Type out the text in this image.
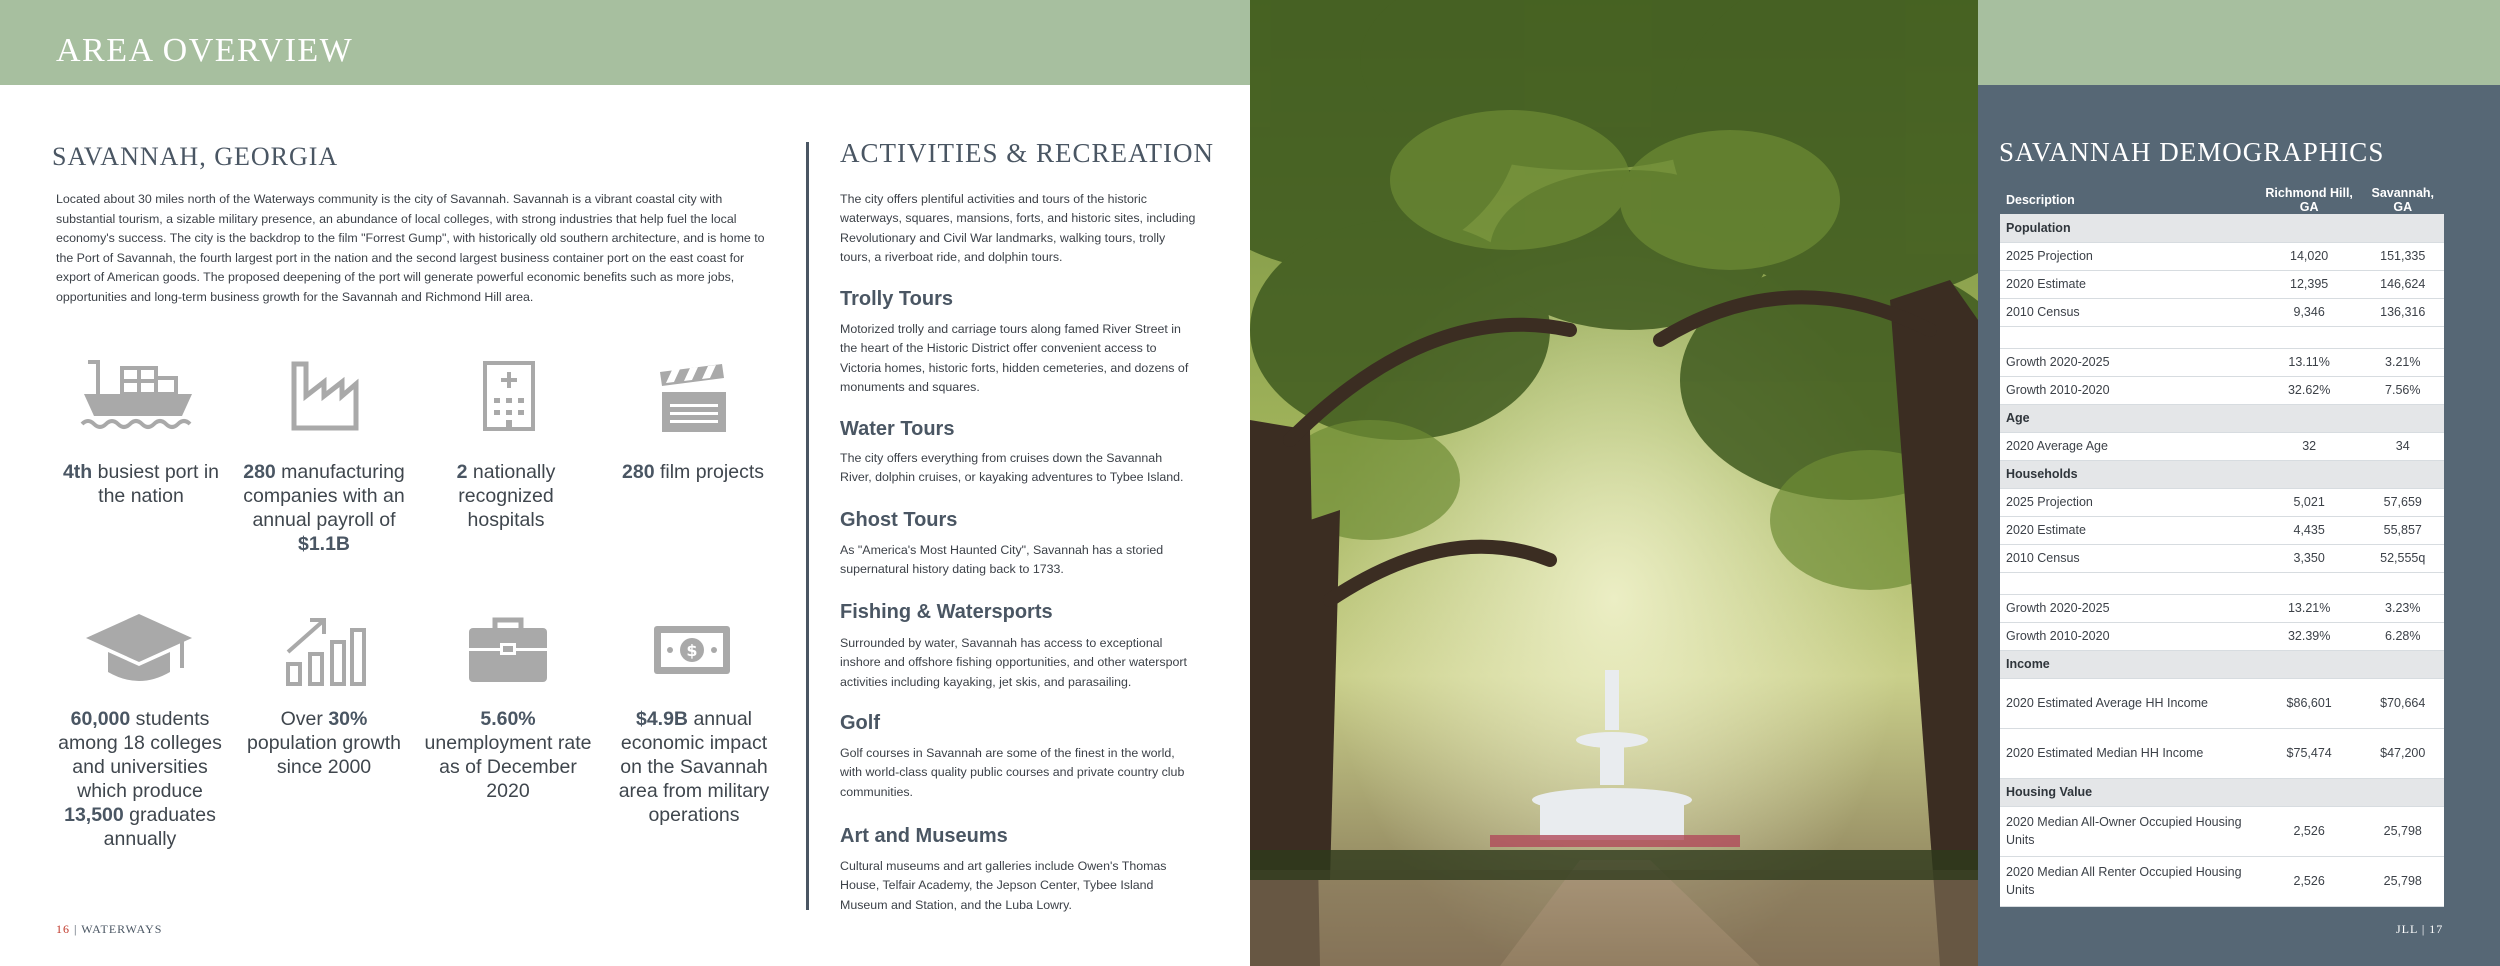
AREA OVERVIEW
SAVANNAH, GEORGIA

Located about 30 miles north of the Waterways community is the city of Savannah. Savannah is a vibrant coastal city with substantial tourism, a sizable military presence, an abundance of local colleges, with strong industries that help fuel the local economy's success. The city is the backdrop to the film "Forrest Gump", with historically old southern architecture, and is home to the Port of Savannah, the fourth largest port in the nation and the second largest business container port on the east coast for export of American goods. The proposed deepening of the port will generate powerful economic benefits such as more jobs, opportunities and long-term business growth for the Savannah and Richmond Hill area.

4th busiest port in the nation
280 manufacturing companies with an annual payroll of $1.1B
2 nationally recognized hospitals
280 film projects
$
60,000 students among 18 colleges and universities which produce 13,500 graduates annually
Over 30% population growth since 2000
5.60% unemployment rate as of December 2020
$4.9B annual economic impact on the Savannah area from military operations
16 | WATERWAYS
ACTIVITIES & RECREATION

The city offers plentiful activities and tours of the historic waterways, squares, mansions, forts, and historic sites, including Revolutionary and Civil War landmarks, walking tours, trolly tours, a riverboat ride, and dolphin tours.

Trolly Tours

Motorized trolly and carriage tours along famed River Street in the heart of the Historic District offer convenient access to Victoria homes, historic forts, hidden cemeteries, and dozens of monuments and squares.

Water Tours

The city offers everything from cruises down the Savannah River, dolphin cruises, or kayaking adventures to Tybee Island.

Ghost Tours

As "America's Most Haunted City", Savannah has a storied supernatural history dating back to 1733.

Fishing & Watersports

Surrounded by water, Savannah has access to exceptional inshore and offshore fishing opportunities, and other watersport activities including kayaking, jet skis, and parasailing.

Golf

Golf courses in Savannah are some of the finest in the world, with world-class quality public courses and private country club communities.

Art and Museums

Cultural museums and art galleries include Owen's Thomas House, Telfair Academy, the Jepson Center, Tybee Island Museum and Station, and the Luba Lowry.

SAVANNAH DEMOGRAPHICS
Description	Richmond Hill, GA	Savannah, GA
Population		
2025 Projection	14,020	151,335
2020 Estimate	12,395	146,624
2010 Census	9,346	136,316

Growth 2020-2025	13.11%	3.21%
Growth 2010-2020	32.62%	7.56%
Age		
2020 Average Age	32	34
Households		
2025 Projection	5,021	57,659
2020 Estimate	4,435	55,857
2010 Census	3,350	52,555q

Growth 2020-2025	13.21%	3.23%
Growth 2010-2020	32.39%	6.28%
Income		
2020 Estimated Average HH Income	$86,601	$70,664
2020 Estimated Median HH Income	$75,474	$47,200
Housing Value		
2020 Median All-Owner Occupied Housing Units	2,526	25,798
2020 Median All Renter Occupied Housing Units	2,526	25,798
JLL | 17
